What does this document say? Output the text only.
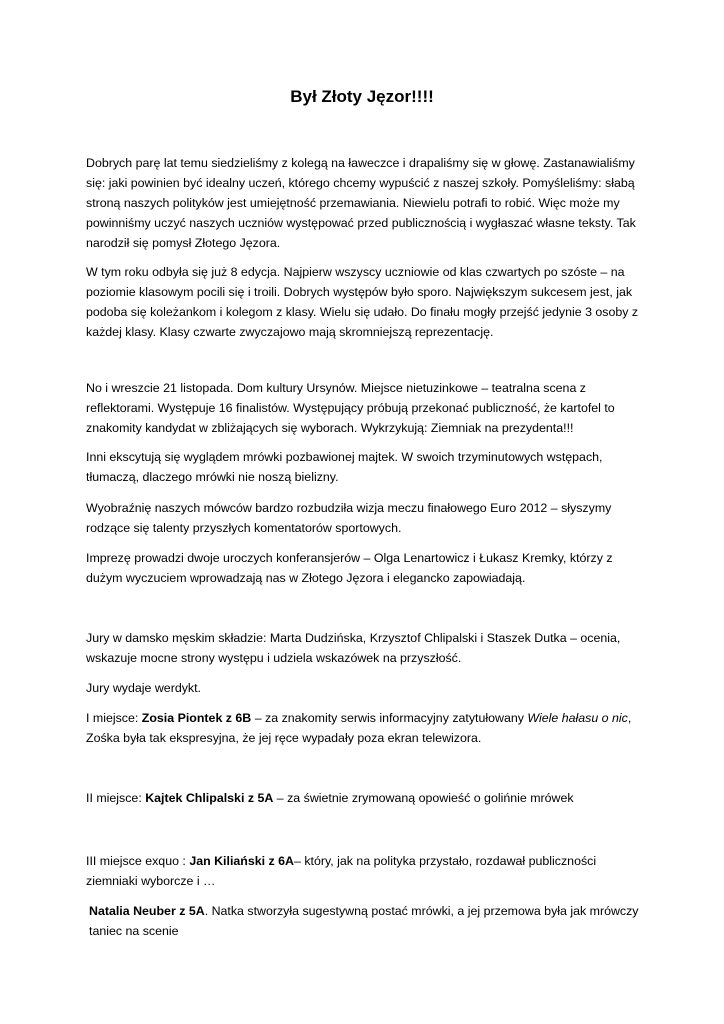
Był Złoty Jęzor!!!!

Dobrych parę lat temu siedzieliśmy z kolegą na ławeczce i drapaliśmy się w głowę. Zastanawialiśmy się: jaki powinien być idealny uczeń, którego chcemy wypuścić z naszej szkoły. Pomyśleliśmy: słabą stroną naszych polityków jest umiejętność przemawiania. Niewielu potrafi to robić. Więc może my powinniśmy uczyć naszych uczniów występować przed publicznością i wygłaszać własne teksty. Tak narodził się pomysł Złotego Jęzora.

W tym roku odbyła się już 8 edycja. Najpierw wszyscy uczniowie od klas czwartych po szóste – na poziomie klasowym pocili się i troili. Dobrych występów było sporo. Największym sukcesem jest, jak podoba się koleżankom i kolegom z klasy. Wielu się udało. Do finału mogły przejść jedynie 3 osoby z każdej klasy. Klasy czwarte zwyczajowo mają skromniejszą reprezentację.

No i wreszcie 21 listopada. Dom kultury Ursynów. Miejsce nietuzinkowe – teatralna scena z reflektorami. Występuje 16 finalistów. Występujący próbują przekonać publiczność, że kartofel to znakomity kandydat w zbliżających się wyborach. Wykrzykują: Ziemniak na prezydenta!!!

Inni ekscytują się wyglądem mrówki pozbawionej majtek. W swoich trzyminutowych wstępach, tłumaczą, dlaczego mrówki nie noszą bielizny.

Wyobraźnię naszych mówców bardzo rozbudziła wizja meczu finałowego Euro 2012 – słyszymy rodzące się talenty przyszłych komentatorów sportowych.

Imprezę prowadzi dwoje uroczych konferansjerów – Olga Lenartowicz i Łukasz Kremky, którzy z dużym wyczuciem wprowadzają nas w Złotego Jęzora i elegancko zapowiadają.

Jury w damsko męskim składzie: Marta Dudzińska, Krzysztof Chlipalski i Staszek Dutka – ocenia, wskazuje mocne strony występu i udziela wskazówek na przyszłość.

Jury wydaje werdykt.

I miejsce: Zosia Piontek z 6B – za znakomity serwis informacyjny zatytułowany Wiele hałasu o nic, Zośka była tak ekspresyjna, że jej ręce wypadały poza ekran telewizora.

II miejsce: Kajtek Chlipalski z 5A – za świetnie zrymowaną opowieść o golińnie mrówek

III miejsce exquo : Jan Kiliański z 6A– który, jak na polityka przystało, rozdawał publiczności ziemniaki wyborcze i …

Natalia Neuber z 5A. Natka stworzyła sugestywną postać mrówki, a jej przemowa była jak mrówczy taniec na scenie
